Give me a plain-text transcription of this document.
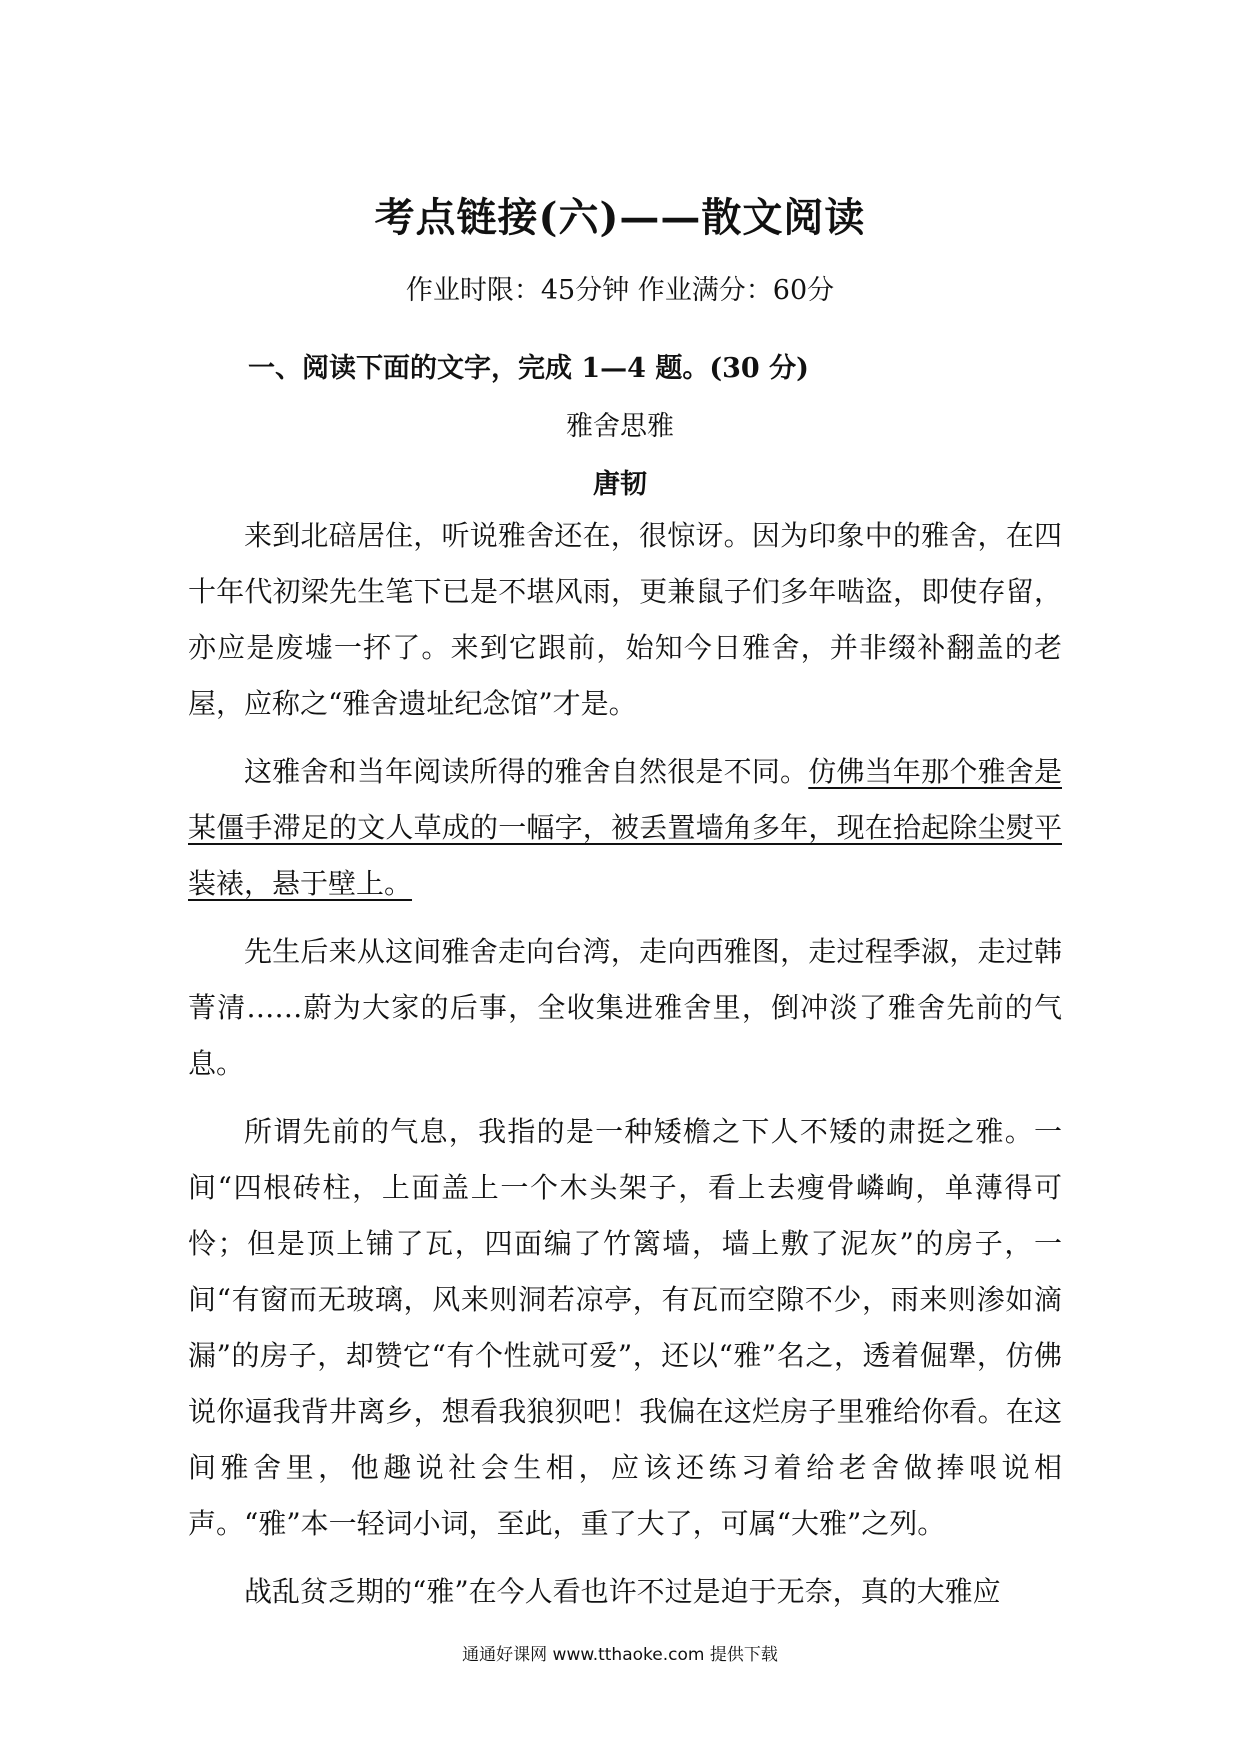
考点链接(六)——散文阅读
作业时限：45分钟 作业满分：60分
一、阅读下面的文字，完成 1—4 题。(30 分)
雅舍思雅
唐韧

来到北碚居住，听说雅舍还在，很惊讶。因为印象中的雅舍，在四十年代初梁先生笔下已是不堪风雨，更兼鼠子们多年啮盗，即使存留，亦应是废墟一抔了。来到它跟前，始知今日雅舍，并非缀补翻盖的老屋，应称之“雅舍遗址纪念馆”才是。

这雅舍和当年阅读所得的雅舍自然很是不同。仿佛当年那个雅舍是某僵手滞足的文人草成的一幅字，被丢置墙角多年，现在拾起除尘熨平装裱，悬于壁上。

先生后来从这间雅舍走向台湾，走向西雅图，走过程季淑，走过韩菁清……蔚为大家的后事，全收集进雅舍里，倒冲淡了雅舍先前的气息。

所谓先前的气息，我指的是一种矮檐之下人不矮的肃挺之雅。一间“四根砖柱，上面盖上一个木头架子，看上去瘦骨嶙峋，单薄得可怜；但是顶上铺了瓦，四面编了竹篱墙，墙上敷了泥灰”的房子，一间“有窗而无玻璃，风来则洞若凉亭，有瓦而空隙不少，雨来则渗如滴漏”的房子，却赞它“有个性就可爱”，还以“雅”名之，透着倔犟，仿佛说你逼我背井离乡，想看我狼狈吧！我偏在这烂房子里雅给你看。在这间雅舍里，他趣说社会生相，应该还练习着给老舍做捧哏说相声。“雅”本一轻词小词，至此，重了大了，可属“大雅”之列。

战乱贫乏期的“雅”在今人看也许不过是迫于无奈，真的大雅应

通通好课网 www.tthaoke.com 提供下载
